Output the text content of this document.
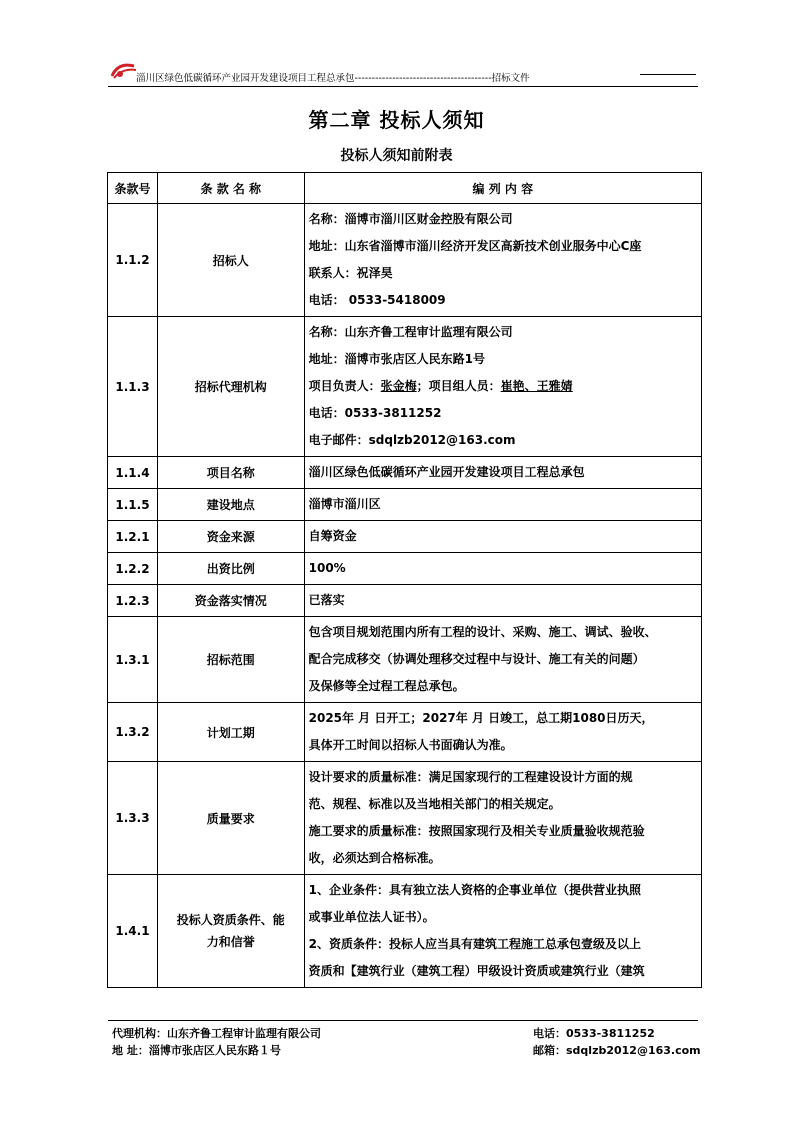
淄川区绿色低碳循环产业园开发建设项目工程总承包----------------------------------------招标文件
第二章 投标人须知
投标人须知前附表
条款号	条 款 名 称	编 列 内 容
1.1.2	招标人	名称：淄博市淄川区财金控股有限公司
地址：山东省淄博市淄川经济开发区高新技术创业服务中心C座
联系人：祝泽昊
电话： 0533-5418009

1.1.3	招标代理机构	名称：山东齐鲁工程审计监理有限公司
地址：淄博市张店区人民东路1号
项目负责人：张金梅；项目组人员：崔艳、王雅婧
电话：0533-3811252
电子邮件：sdqlzb2012@163.com

1.1.4	项目名称	淄川区绿色低碳循环产业园开发建设项目工程总承包

1.1.5	建设地点	淄博市淄川区

1.2.1	资金来源	自筹资金

1.2.2	出资比例	100%

1.2.3	资金落实情况	已落实

1.3.1	招标范围	包含项目规划范围内所有工程的设计、采购、施工、调试、验收、
配合完成移交（协调处理移交过程中与设计、施工有关的问题）
及保修等全过程工程总承包。

1.3.2	计划工期	2025年 月 日开工；2027年 月 日竣工，总工期1080日历天，
具体开工时间以招标人书面确认为准。

1.3.3	质量要求	设计要求的质量标准：满足国家现行的工程建设设计方面的规
范、规程、标准以及当地相关部门的相关规定。
施工要求的质量标准：按照国家现行及相关专业质量验收规范验
收，必须达到合格标准。

1.4.1	投标人资质条件、能
力和信誉	1、企业条件：具有独立法人资格的企事业单位（提供营业执照
或事业单位法人证书）。
2、资质条件：投标人应当具有建筑工程施工总承包壹级及以上
资质和【建筑行业（建筑工程）甲级设计资质或建筑行业（建筑
代理机构：山东齐鲁工程审计监理有限公司
地 址：淄博市张店区人民东路１号
电话：0533-3811252
邮箱：sdqlzb2012@163.com
